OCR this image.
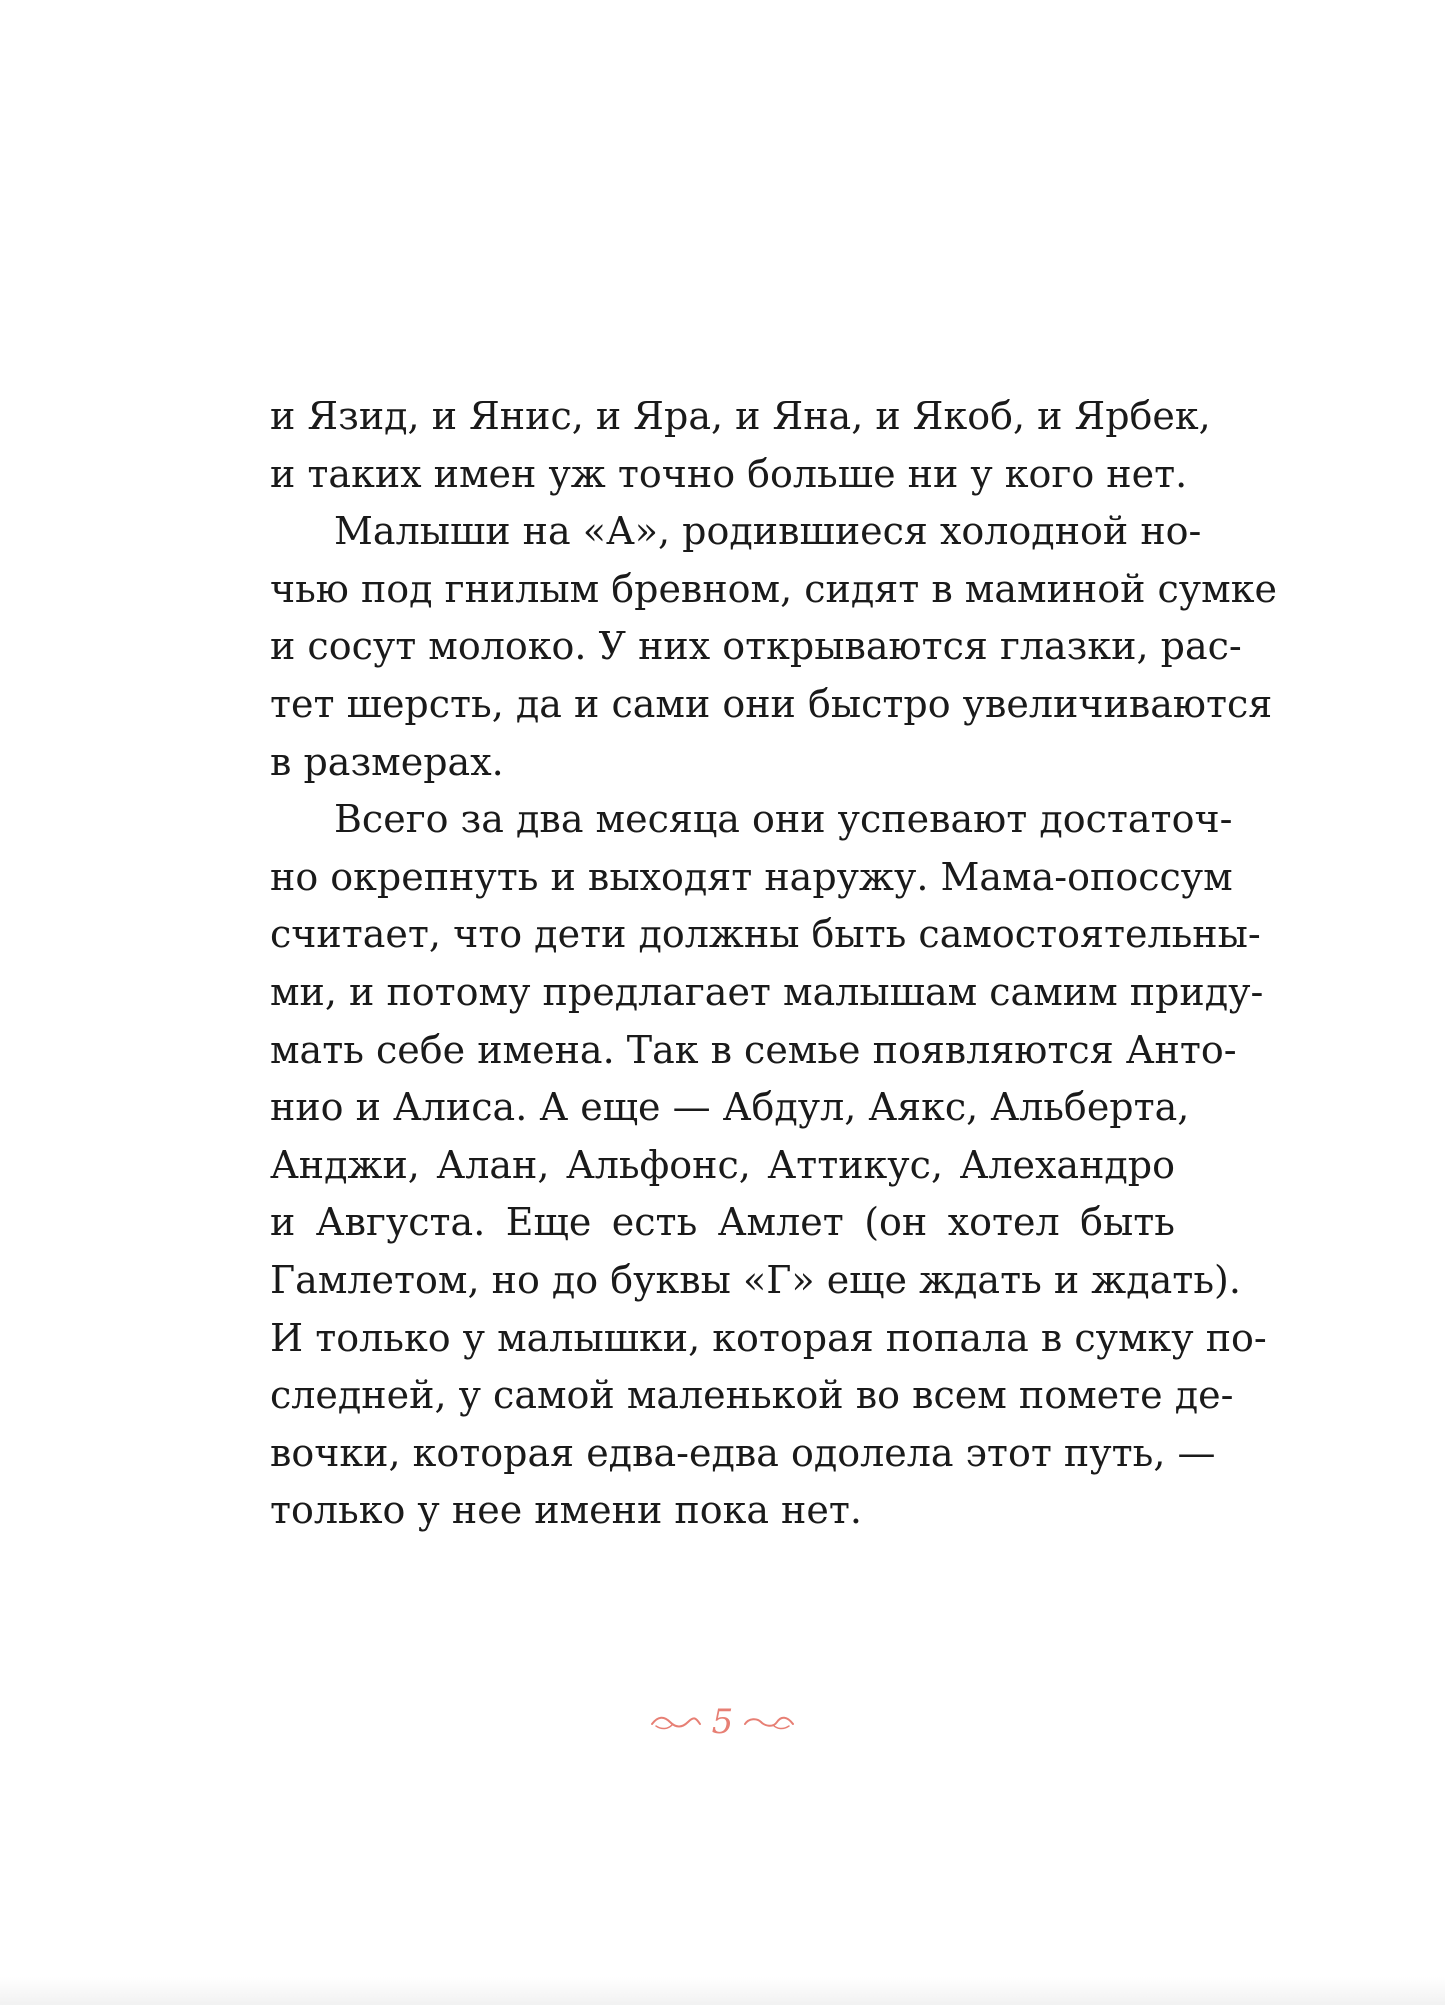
и Язид, и Янис, и Яра, и Яна, и Якоб, и Ярбек,
и таких имен уж точно больше ни у кого нет.
Малыши на «А», родившиеся холодной но-
чью под гнилым бревном, сидят в маминой сумке
и сосут молоко. У них открываются глазки, рас-
тет шерсть, да и сами они быстро увеличиваются
в размерах.
Всего за два месяца они успевают достаточ-
но окрепнуть и выходят наружу. Мама-опоссум
считает, что дети должны быть самостоятельны-
ми, и потому предлагает малышам самим приду-
мать себе имена. Так в семье появляются Анто-
нио и Алиса. А еще — Абдул, Аякс, Альберта,
Анджи, Алан, Альфонс, Аттикус, Алехандро
и Августа. Еще есть Амлет (он хотел быть
Гамлетом, но до буквы «Г» еще ждать и ждать).
И только у малышки, которая попала в сумку по-
следней, у самой маленькой во всем помете де-
вочки, которая едва-едва одолела этот путь, —
только у нее имени пока нет.
5
